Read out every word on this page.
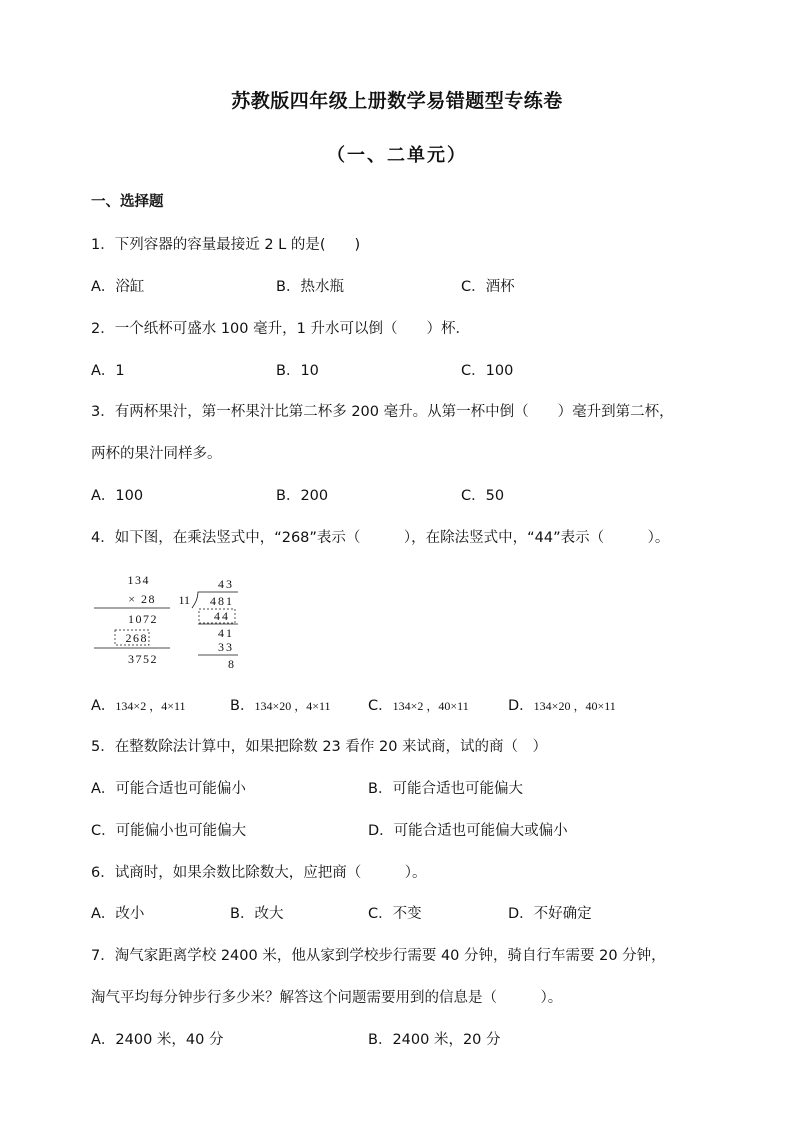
苏教版四年级上册数学易错题型专练卷
（一、二单元）
一、选择题
1．下列容器的容量最接近 2 L 的是(　　)
A．浴缸	B．热水瓶	C．酒杯
2．一个纸杯可盛水 100 毫升，1 升水可以倒（　　）杯．
A．1	B．10	C．100
3．有两杯果汁，第一杯果汁比第二杯多 200 毫升。从第一杯中倒（　　）毫升到第二杯，
两杯的果汁同样多。
A．100	B．200	C．50
4．如下图，在乘法竖式中，“268”表示（　　　），在除法竖式中，“44”表示（　　　）。
134
× 28
1072
268
3752
43
11 481
44
41
33
8
A．134×2 ，4×11	B．134×20 ，4×11	C．134×2 ，40×11	D．134×20 ，40×11
5．在整数除法计算中，如果把除数 23 看作 20 来试商，试的商（　）
A．可能合适也可能偏小	B．可能合适也可能偏大
C．可能偏小也可能偏大	D．可能合适也可能偏大或偏小
6．试商时，如果余数比除数大，应把商（　　　）。
A．改小	B．改大	C．不变	D．不好确定
7．淘气家距离学校 2400 米，他从家到学校步行需要 40 分钟，骑自行车需要 20 分钟，
淘气平均每分钟步行多少米？解答这个问题需要用到的信息是（　　　）。
A．2400 米，40 分	B．2400 米，20 分
